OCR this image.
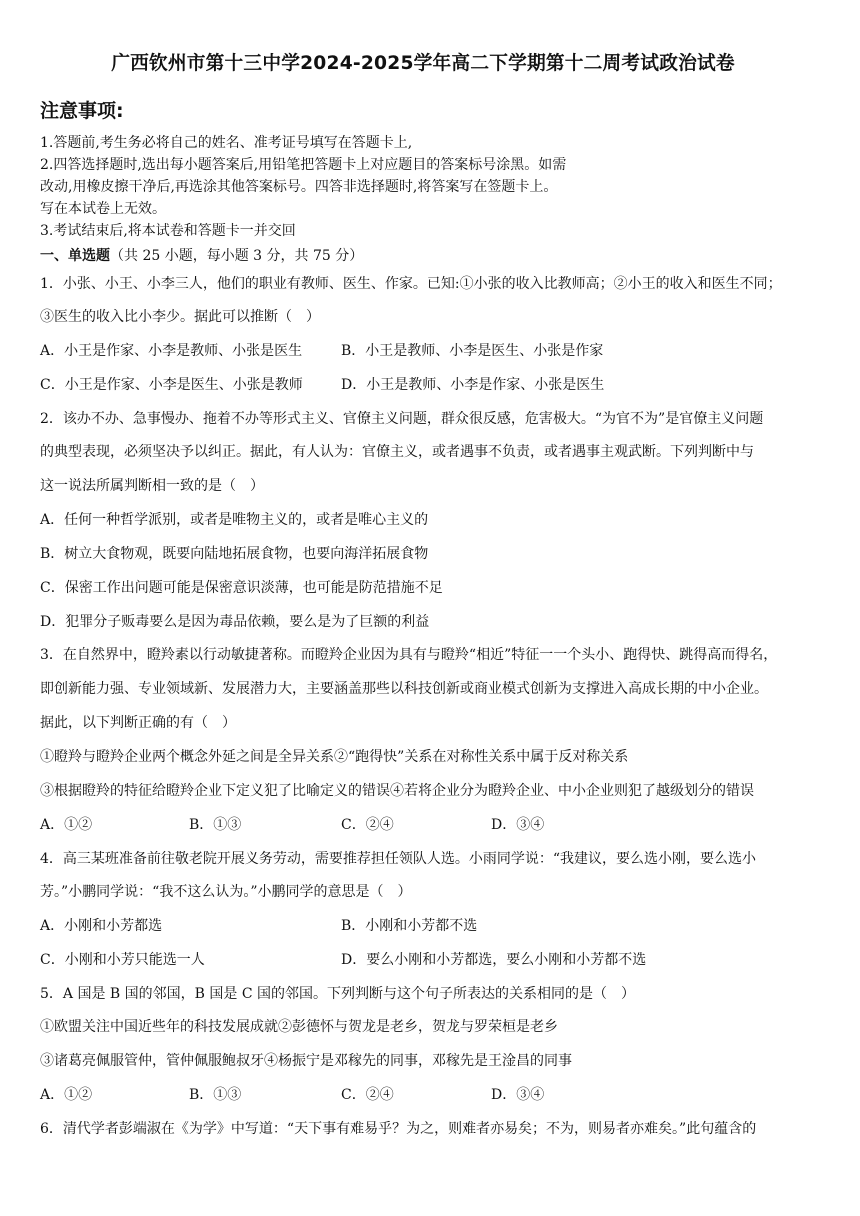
广西钦州市第十三中学2024-2025学年高二下学期第十二周考试政治试卷
注意事项:
1.答题前,考生务必将自己的姓名、准考证号填写在答题卡上,
2.四答选择题时,选出每小题答案后,用铅笔把答题卡上对应题目的答案标号涂黑。如需
改动,用橡皮擦干净后,再选涂其他答案标号。四答非选择题时,将答案写在签题卡上。
写在本试卷上无效。
3.考试结束后,将本试卷和答题卡一并交回
一、单选题（共 25 小题，每小题 3 分，共 75 分）
1．小张、小王、小李三人，他们的职业有教师、医生、作家。已知:①小张的收入比教师高；②小王的收入和医生不同；
③医生的收入比小李少。据此可以推断（　）
A．小王是作家、小李是教师、小张是医生	B．小王是教师、小李是医生、小张是作家
C．小王是作家、小李是医生、小张是教师	D．小王是教师、小李是作家、小张是医生
2．该办不办、急事慢办、拖着不办等形式主义、官僚主义问题，群众很反感，危害极大。“为官不为”是官僚主义问题
的典型表现，必须坚决予以纠正。据此，有人认为：官僚主义，或者遇事不负责，或者遇事主观武断。下列判断中与
这一说法所属判断相一致的是（　）
A．任何一种哲学派别，或者是唯物主义的，或者是唯心主义的
B．树立大食物观，既要向陆地拓展食物，也要向海洋拓展食物
C．保密工作出问题可能是保密意识淡薄，也可能是防范措施不足
D．犯罪分子贩毒要么是因为毒品依赖，要么是为了巨额的利益
3．在自然界中，瞪羚素以行动敏捷著称。而瞪羚企业因为具有与瞪羚“相近”特征一一个头小、跑得快、跳得高而得名，
即创新能力强、专业领域新、发展潜力大，主要涵盖那些以科技创新或商业模式创新为支撑进入高成长期的中小企业。
据此，以下判断正确的有（　）
①瞪羚与瞪羚企业两个概念外延之间是全异关系②“跑得快”关系在对称性关系中属于反对称关系
③根据瞪羚的特征给瞪羚企业下定义犯了比喻定义的错误④若将企业分为瞪羚企业、中小企业则犯了越级划分的错误
A．①②	B．①③	C．②④	D．③④
4．高三某班准备前往敬老院开展义务劳动，需要推荐担任领队人选。小雨同学说：“我建议，要么选小刚，要么选小
芳。”小鹏同学说：“我不这么认为。”小鹏同学的意思是（　）
A．小刚和小芳都选	B．小刚和小芳都不选
C．小刚和小芳只能选一人	D．要么小刚和小芳都选，要么小刚和小芳都不选
5．A 国是 B 国的邻国，B 国是 C 国的邻国。下列判断与这个句子所表达的关系相同的是（　）
①欧盟关注中国近些年的科技发展成就②彭德怀与贺龙是老乡，贺龙与罗荣桓是老乡
③诸葛亮佩服管仲，管仲佩服鲍叔牙④杨振宁是邓稼先的同事，邓稼先是王淦昌的同事
A．①②	B．①③	C．②④	D．③④
6．清代学者彭端淑在《为学》中写道：“天下事有难易乎？为之，则难者亦易矣；不为，则易者亦难矣。”此句蕴含的
